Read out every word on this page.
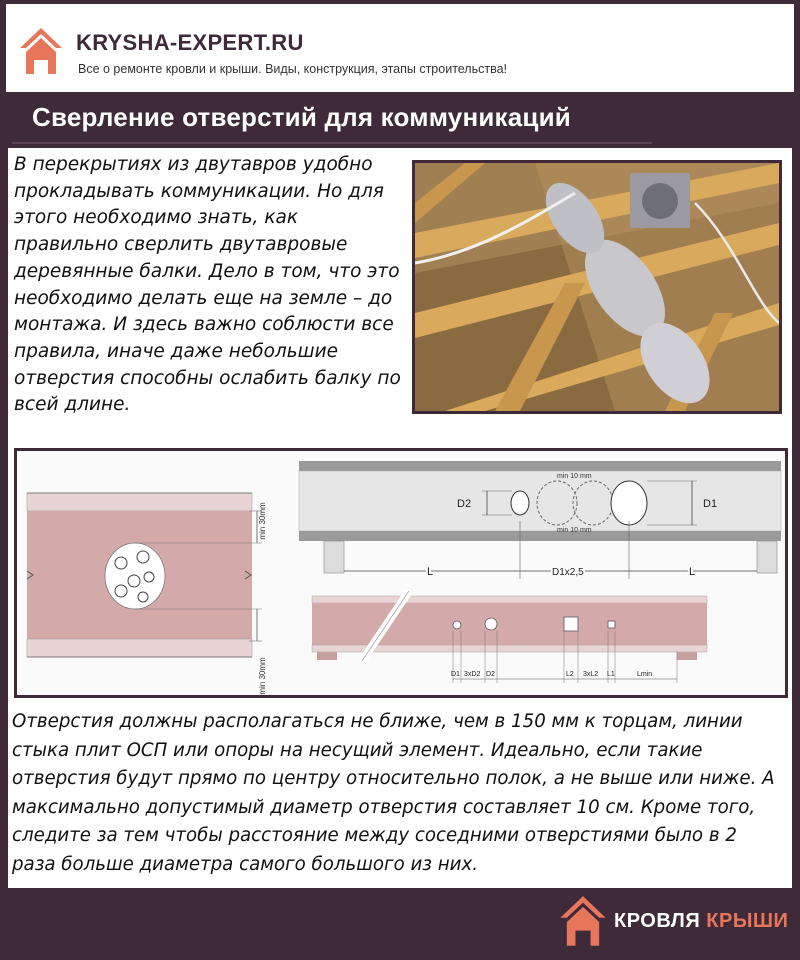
KRYSHA-EXPERT.RU
Все о ремонте кровли и крыши. Виды, конструкция, этапы строительства!
Сверление отверстий для коммуникаций

В перекрытиях из двутавров удобно прокладывать коммуникации. Но для этого необходимо знать, как правильно сверлить двутавровые деревянные балки. Дело в том, что это необходимо делать еще на земле – до монтажа. И здесь важно соблюсти все правила, иначе даже небольшие отверстия способны ослабить балку по всей длине.

min 30mm
min 30mm
D2	D1
min 10 mm
min 10 mm
L	D1x2,5	L
D1 3xD2 D2	L2 3xL2 L1	Lmin

Отверстия должны располагаться не ближе, чем в 150 мм к торцам, линии стыка плит ОСП или опоры на несущий элемент. Идеально, если такие отверстия будут прямо по центру относительно полок, а не выше или ниже. А максимально допустимый диаметр отверстия составляет 10 см. Кроме того, следите за тем чтобы расстояние между соседними отверстиями было в 2 раза больше диаметра самого большого из них.

КРОВЛЯ КРЫШИ
